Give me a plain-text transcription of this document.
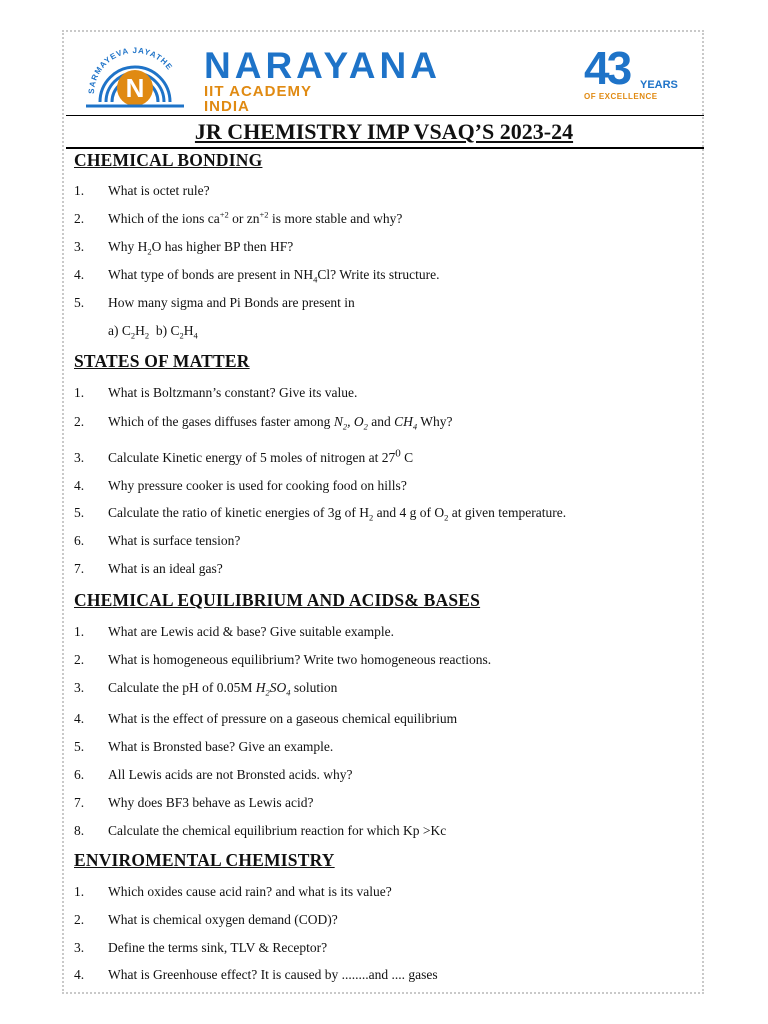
SARMAYEVA JAYATHE
N
NARAYANA
IIT ACADEMY
INDIA
43 YEARS
OF EXCELLENCE
JR CHEMISTRY IMP VSAQ’S 2023-24
CHEMICAL BONDING
1. What is octet rule?
2. Which of the ions $ca^{+2}$ or $zn^{+2}$ is more stable and why?
3. Why $H_2O$ has higher BP then HF?
4. What type of bonds are present in $NH_4Cl$? Write its structure.
5. How many sigma and Pi Bonds are present in
a) $C_2H_2$ b) $C_2H_4$
STATES OF MATTER
1. What is Boltzmann’s constant? Give its value.
2. Which of the gases diffuses faster among $N_2$, $O_2$ and $CH_4$ Why?
3. Calculate Kinetic energy of 5 moles of nitrogen at $27^0$ C
4. Why pressure cooker is used for cooking food on hills?
5. Calculate the ratio of kinetic energies of 3g of $H_2$ and 4 g of $O_2$ at given temperature.
6. What is surface tension?
7. What is an ideal gas?
CHEMICAL EQUILIBRIUM AND ACIDS& BASES
1. What are Lewis acid & base? Give suitable example.
2. What is homogeneous equilibrium? Write two homogeneous reactions.
3. Calculate the pH of 0.05M $H_2SO_4$ solution
4. What is the effect of pressure on a gaseous chemical equilibrium
5. What is Bronsted base? Give an example.
6. All Lewis acids are not Bronsted acids. why?
7. Why does BF3 behave as Lewis acid?
8. Calculate the chemical equilibrium reaction for which Kp >Kc
ENVIROMENTAL CHEMISTRY
1. Which oxides cause acid rain? and what is its value?
2. What is chemical oxygen demand (COD)?
3. Define the terms sink, TLV & Receptor?
4. What is Greenhouse effect? It is caused by ........and .... gases
